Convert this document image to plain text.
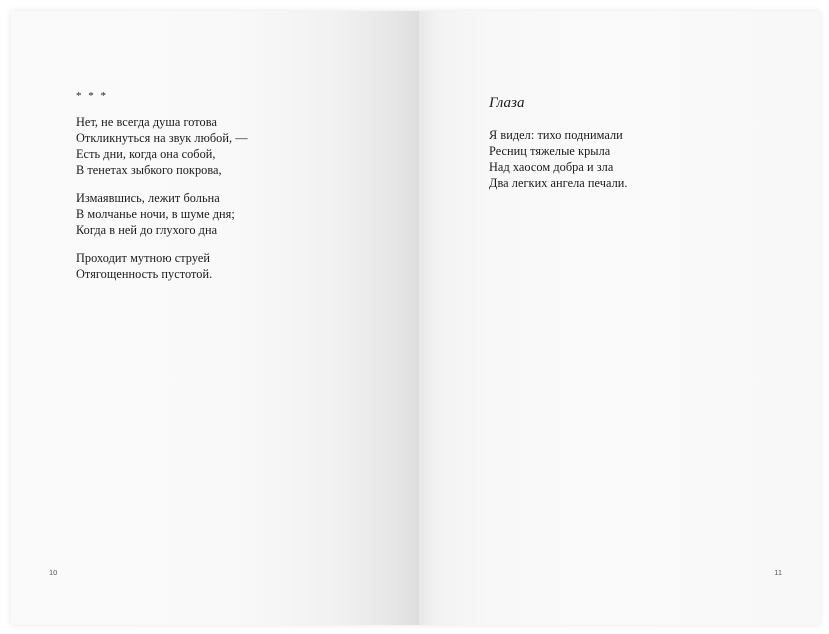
* * *
Нет, не всегда душа готова
Откликнуться на звук любой, —
Есть дни, когда она собой,
В тенетах зыбкого покрова,
Измаявшись, лежит больна
В молчанье ночи, в шуме дня;
Когда в ней до глухого дна
Проходит мутною струей
Отягощенность пустотой.
10
Глаза
Я видел: тихо поднимали
Ресниц тяжелые крыла
Над хаосом добра и зла
Два легких ангела печали.
11
